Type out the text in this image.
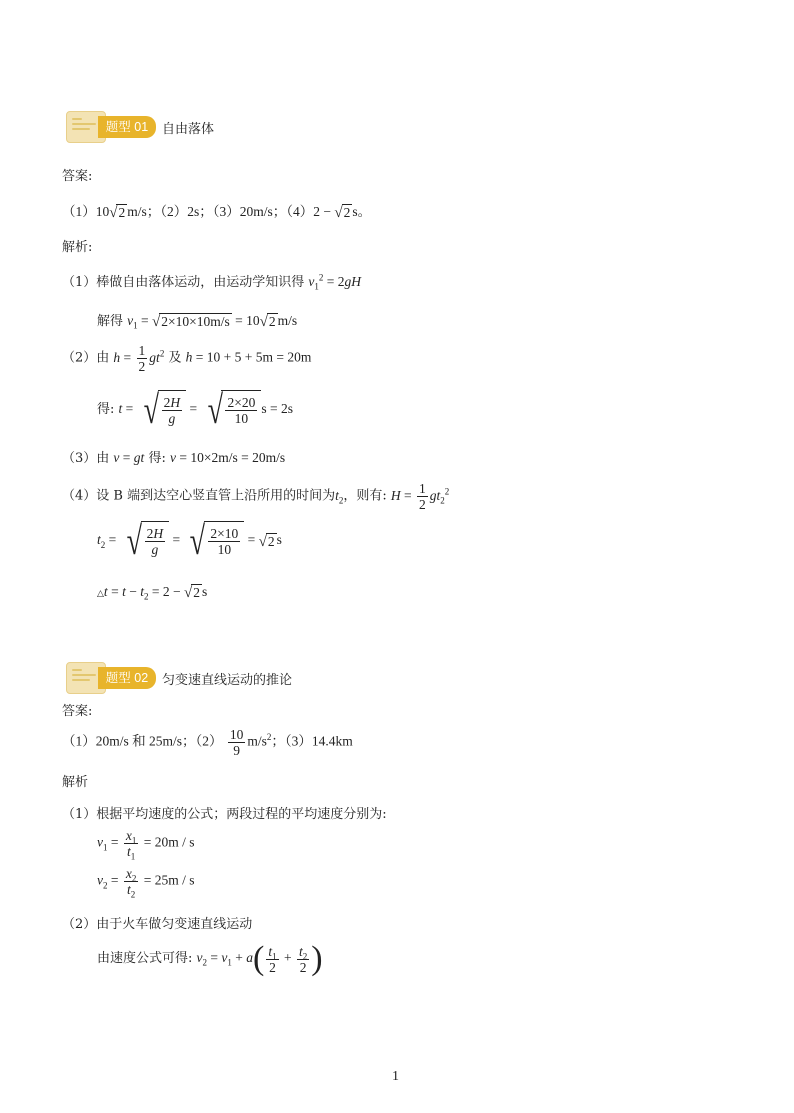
题型 01	自由落体
答案:
（1）10 √ 2 m/s；（2）2s；（3）20m/s；（4）2 − √ 2 s。
解析:
（1）棒做自由落体运动，由运动学知识得 $v_1^2 = 2gH$
解得 $v_1$ = √ 2×10×10m/s = 10 √ 2 m/s
（2）由 $h = \frac{1}{2} gt^2$ 及 h = 10 + 5 + 5m = 20m
得: t = √ $\frac{2H}{g}$ = √ $\frac{2\times 20}{10}$ s = 2s
（3）由 v = gt 得: v = 10×2m/s = 20m/s
（4）设 B 端到达空心竖直管上沿所用的时间为$t_2$，则有: $H = \frac{1}{2} gt_2^2$
$t_2$ = √ $\frac{2H}{g}$ = √ $\frac{2\times 10}{10}$ = √ 2 s
△t = $t - t_2 = 2$ − √ 2 s
题型 02	匀变速直线运动的推论
答案:
（1）20m/s 和 25m/s；$(2) \frac{10}{9} m/s^2$；（3）14.4km
解析
（1）根据平均速度的公式；两段过程的平均速度分别为:
$v_1 = \frac{x_1}{t_1} = 20m / s$
$v_2 = \frac{x_2}{t_2} = 25m / s$
（2）由于火车做匀变速直线运动
由速度公式可得: $v_2 = v_1 + a( \frac{t_1}{2} + \frac{t_2}{2}$ )
1
